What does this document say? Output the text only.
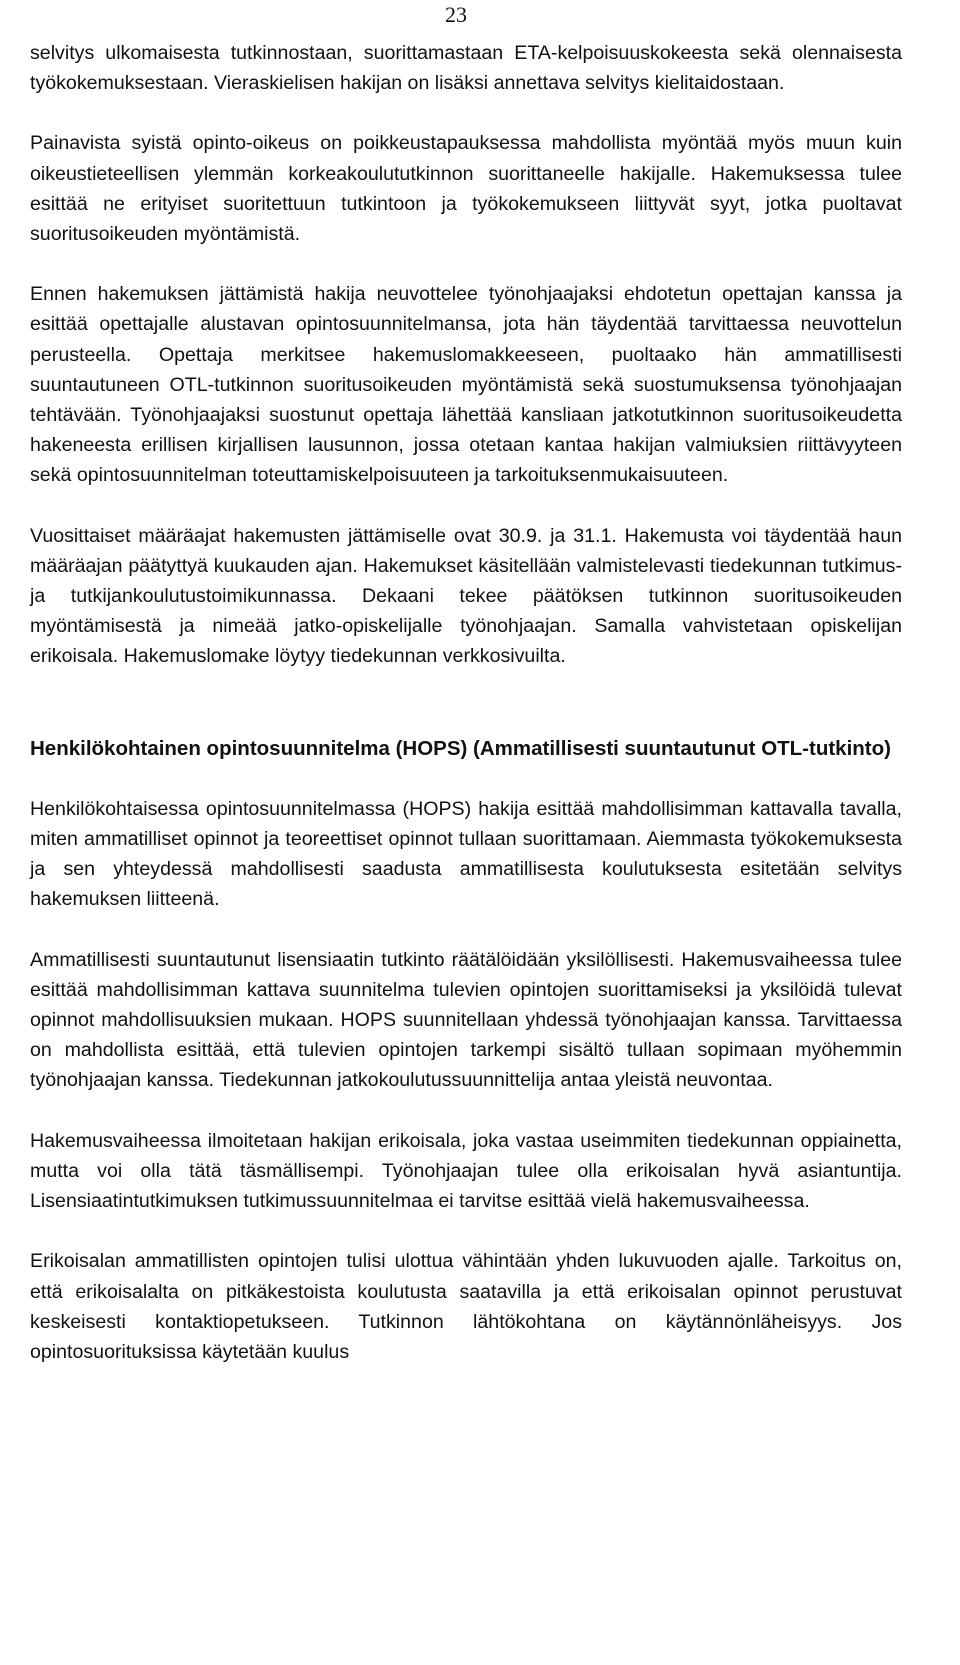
23

selvitys ulkomaisesta tutkinnostaan, suorittamastaan ETA-kelpoisuuskokeesta sekä olennaisesta työkokemuksestaan. Vieraskielisen hakijan on lisäksi annettava selvitys kielitaidostaan.

Painavista syistä opinto-oikeus on poikkeustapauksessa mahdollista myöntää myös muun kuin oikeustieteellisen ylemmän korkeakoulututkinnon suorittaneelle hakijalle. Hakemuksessa tulee esittää ne erityiset suoritettuun tutkintoon ja työkokemukseen liittyvät syyt, jotka puoltavat suoritusoikeuden myöntämistä.

Ennen hakemuksen jättämistä hakija neuvottelee työnohjaajaksi ehdotetun opettajan kanssa ja esittää opettajalle alustavan opintosuunnitelmansa, jota hän täydentää tarvittaessa neuvottelun perusteella. Opettaja merkitsee hakemuslomakkeeseen, puoltaako hän ammatillisesti suuntautuneen OTL-tutkinnon suoritusoikeuden myöntämistä sekä suostumuksensa työnohjaajan tehtävään. Työnohjaajaksi suostunut opettaja lähettää kansliaan jatkotutkinnon suoritusoikeudetta hakeneesta erillisen kirjallisen lausunnon, jossa otetaan kantaa hakijan valmiuksien riittävyyteen sekä opintosuunnitelman toteuttamiskelpoisuuteen ja tarkoituksenmukaisuuteen.

Vuosittaiset määräajat hakemusten jättämiselle ovat 30.9. ja 31.1. Hakemusta voi täydentää haun määräajan päätyttyä kuukauden ajan. Hakemukset käsitellään valmistelevasti tiedekunnan tutkimus- ja tutkijankoulutustoimikunnassa. Dekaani tekee päätöksen tutkinnon suoritusoikeuden myöntämisestä ja nimeää jatko-opiskelijalle työnohjaajan. Samalla vahvistetaan opiskelijan erikoisala. Hakemuslomake löytyy tiedekunnan verkkosivuilta.

Henkilökohtainen opintosuunnitelma (HOPS) (Ammatillisesti suuntautunut OTL-tutkinto)

Henkilökohtaisessa opintosuunnitelmassa (HOPS) hakija esittää mahdollisimman kattavalla tavalla, miten ammatilliset opinnot ja teoreettiset opinnot tullaan suorittamaan. Aiemmasta työkokemuksesta ja sen yhteydessä mahdollisesti saadusta ammatillisesta koulutuksesta esitetään selvitys hakemuksen liitteenä.

Ammatillisesti suuntautunut lisensiaatin tutkinto räätälöidään yksilöllisesti. Hakemusvaiheessa tulee esittää mahdollisimman kattava suunnitelma tulevien opintojen suorittamiseksi ja yksilöidä tulevat opinnot mahdollisuuksien mukaan. HOPS suunnitellaan yhdessä työnohjaajan kanssa. Tarvittaessa on mahdollista esittää, että tulevien opintojen tarkempi sisältö tullaan sopimaan myöhemmin työnohjaajan kanssa. Tiedekunnan jatkokoulutussuunnittelija antaa yleistä neuvontaa.

Hakemusvaiheessa ilmoitetaan hakijan erikoisala, joka vastaa useimmiten tiedekunnan oppiainetta, mutta voi olla tätä täsmällisempi. Työnohjaajan tulee olla erikoisalan hyvä asiantuntija. Lisensiaatintutkimuksen tutkimussuunnitelmaa ei tarvitse esittää vielä hakemusvaiheessa.

Erikoisalan ammatillisten opintojen tulisi ulottua vähintään yhden lukuvuoden ajalle. Tarkoitus on, että erikoisalalta on pitkäkestoista koulutusta saatavilla ja että erikoisalan opinnot perustuvat keskeisesti kontaktiopetukseen. Tutkinnon lähtökohtana on käytännönläheisyys. Jos opintosuorituksissa käytetään kuulus
